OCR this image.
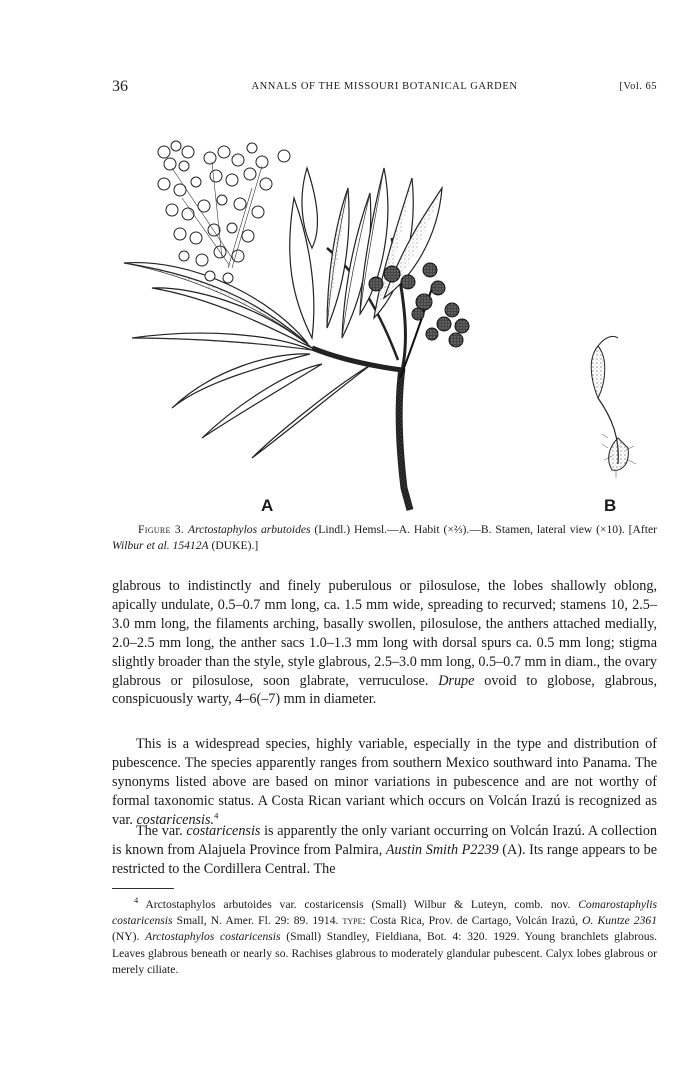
36	ANNALS OF THE MISSOURI BOTANICAL GARDEN	[Vol. 65
A	B
Figure 3. Arctostaphylos arbutoides (Lindl.) Hemsl.—A. Habit (×⅔).—B. Stamen, lateral view (×10). [After Wilbur et al. 15412A (DUKE).]

glabrous to indistinctly and finely puberulous or pilosulose, the lobes shallowly oblong, apically undulate, 0.5–0.7 mm long, ca. 1.5 mm wide, spreading to recurved; stamens 10, 2.5–3.0 mm long, the filaments arching, basally swollen, pilosulose, the anthers attached medially, 2.0–2.5 mm long, the anther sacs 1.0–1.3 mm long with dorsal spurs ca. 0.5 mm long; stigma slightly broader than the style, style glabrous, 2.5–3.0 mm long, 0.5–0.7 mm in diam., the ovary glabrous or pilosulose, soon glabrate, verruculose. Drupe ovoid to globose, glabrous, conspicuously warty, 4–6(–7) mm in diameter.

This is a widespread species, highly variable, especially in the type and distribution of pubescence. The species apparently ranges from southern Mexico southward into Panama. The synonyms listed above are based on minor variations in pubescence and are not worthy of formal taxonomic status. A Costa Rican variant which occurs on Volcán Irazú is recognized as var. costaricensis.$^4$

The var. costaricensis is apparently the only variant occurring on Volcán Irazú. A collection is known from Alajuela Province from Palmira, Austin Smith P2239 (A). Its range appears to be restricted to the Cordillera Central. The

$^4$ Arctostaphylos arbutoides var. costaricensis (Small) Wilbur & Luteyn, comb. nov. Comarostaphylis costaricensis Small, N. Amer. Fl. 29: 89. 1914. type: Costa Rica, Prov. de Cartago, Volcán Irazú, O. Kuntze 2361 (NY). Arctostaphylos costaricensis (Small) Standley, Fieldiana, Bot. 4: 320. 1929. Young branchlets glabrous. Leaves glabrous beneath or nearly so. Rachises glabrous to moderately glandular pubescent. Calyx lobes glabrous or merely ciliate.
